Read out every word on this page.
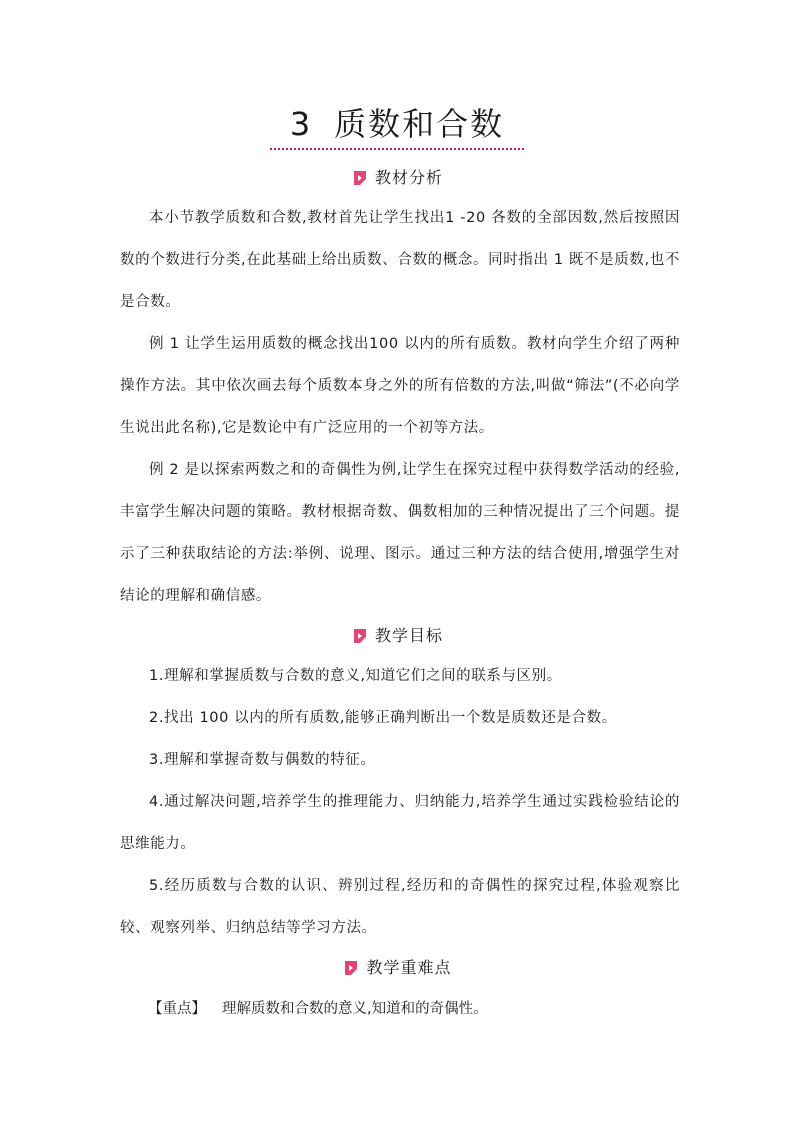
3 质数和合数
教材分析

本小节教学质数和合数,教材首先让学生找出1 -20 各数的全部因数,然后按照因数的个数进行分类,在此基础上给出质数、合数的概念。同时指出 1 既不是质数,也不是合数。

例 1 让学生运用质数的概念找出100 以内的所有质数。教材向学生介绍了两种操作方法。其中依次画去每个质数本身之外的所有倍数的方法,叫做“筛法”(不必向学生说出此名称),它是数论中有广泛应用的一个初等方法。

例 2 是以探索两数之和的奇偶性为例,让学生在探究过程中获得数学活动的经验,丰富学生解决问题的策略。教材根据奇数、偶数相加的三种情况提出了三个问题。提示了三种获取结论的方法:举例、说理、图示。通过三种方法的结合使用,增强学生对结论的理解和确信感。

教学目标

1.理解和掌握质数与合数的意义,知道它们之间的联系与区别。

2.找出 100 以内的所有质数,能够正确判断出一个数是质数还是合数。

3.理解和掌握奇数与偶数的特征。

4.通过解决问题,培养学生的推理能力、归纳能力,培养学生通过实践检验结论的思维能力。

5.经历质数与合数的认识、辨别过程,经历和的奇偶性的探究过程,体验观察比较、观察列举、归纳总结等学习方法。

教学重难点
【重点】 理解质数和合数的意义,知道和的奇偶性。
